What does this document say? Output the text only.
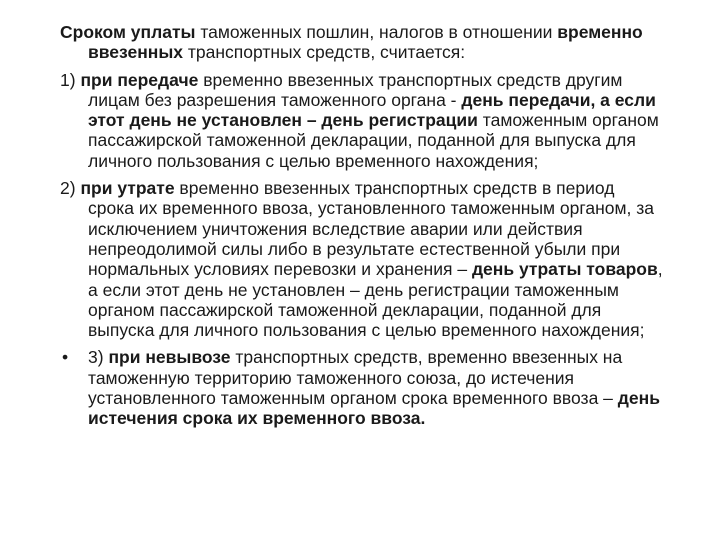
Сроком уплаты таможенных пошлин, налогов в отношении временно ввезенных транспортных средств, считается:

1) при передаче временно ввезенных транспортных средств другим лицам без разрешения таможенного органа - день передачи, а если этот день не установлен – день регистрации таможенным органом пассажирской таможенной декларации, поданной для выпуска для личного пользования с целью временного нахождения;

2) при утрате временно ввезенных транспортных средств в период срока их временного ввоза, установленного таможенным органом, за исключением уничтожения вследствие аварии или действия непреодолимой силы либо в результате естественной убыли при нормальных условиях перевозки и хранения – день утраты товаров, а если этот день не установлен – день регистрации таможенным органом пассажирской таможенной декларации, поданной для выпуска для личного пользования с целью временного нахождения;

• 3) при невывозе транспортных средств, временно ввезенных на таможенную территорию таможенного союза, до истечения установленного таможенным органом срока временного ввоза – день истечения срока их временного ввоза.
